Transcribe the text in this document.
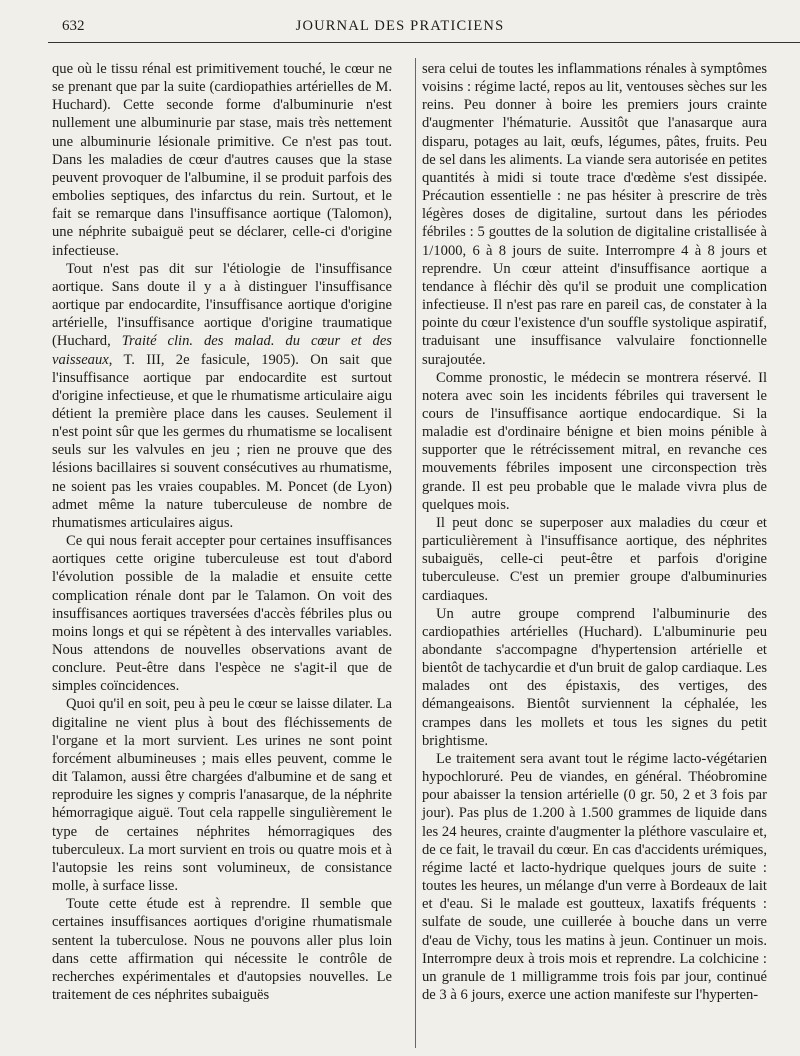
632	JOURNAL DES PRATICIENS

que où le tissu rénal est primitivement touché, le cœur ne se prenant que par la suite (cardiopathies artérielles de M. Huchard). Cette seconde forme d'albuminurie n'est nullement une albuminurie par stase, mais très nettement une albuminurie lésionale primitive. Ce n'est pas tout. Dans les maladies de cœur d'autres causes que la stase peuvent provoquer de l'albumine, il se produit parfois des embolies septiques, des infarctus du rein. Surtout, et le fait se remarque dans l'insuffisance aortique (Talomon), une néphrite subaiguë peut se déclarer, celle-ci d'origine infectieuse.

Tout n'est pas dit sur l'étiologie de l'insuffisance aortique. Sans doute il y a à distinguer l'insuffisance aortique par endocardite, l'insuffisance aortique d'origine artérielle, l'insuffisance aortique d'origine traumatique (Huchard, Traité clin. des malad. du cœur et des vaisseaux, T. III, 2e fasicule, 1905). On sait que l'insuffisance aortique par endocardite est surtout d'origine infectieuse, et que le rhumatisme articulaire aigu détient la première place dans les causes. Seulement il n'est point sûr que les germes du rhumatisme se localisent seuls sur les valvules en jeu ; rien ne prouve que des lésions bacillaires si souvent consécutives au rhumatisme, ne soient pas les vraies coupables. M. Poncet (de Lyon) admet même la nature tuberculeuse de nombre de rhumatismes articulaires aigus.

Ce qui nous ferait accepter pour certaines insuffisances aortiques cette origine tuberculeuse est tout d'abord l'évolution possible de la maladie et ensuite cette complication rénale dont par le Talamon. On voit des insuffisances aortiques traversées d'accès fébriles plus ou moins longs et qui se répètent à des intervalles variables. Nous attendons de nouvelles observations avant de conclure. Peut-être dans l'espèce ne s'agit-il que de simples coïncidences.

Quoi qu'il en soit, peu à peu le cœur se laisse dilater. La digitaline ne vient plus à bout des fléchissements de l'organe et la mort survient. Les urines ne sont point forcément albumineuses ; mais elles peuvent, comme le dit Talamon, aussi être chargées d'albumine et de sang et reproduire les signes y compris l'anasarque, de la néphrite hémorragique aiguë. Tout cela rappelle singulièrement le type de certaines néphrites hémorragiques des tuberculeux. La mort survient en trois ou quatre mois et à l'autopsie les reins sont volumineux, de consistance molle, à surface lisse.

Toute cette étude est à reprendre. Il semble que certaines insuffisances aortiques d'origine rhumatismale sentent la tuberculose. Nous ne pouvons aller plus loin dans cette affirmation qui nécessite le contrôle de recherches expérimentales et d'autopsies nouvelles. Le traitement de ces néphrites subaiguës

sera celui de toutes les inflammations rénales à symptômes voisins : régime lacté, repos au lit, ventouses sèches sur les reins. Peu donner à boire les premiers jours crainte d'augmenter l'hématurie. Aussitôt que l'anasarque aura disparu, potages au lait, œufs, légumes, pâtes, fruits. Peu de sel dans les aliments. La viande sera autorisée en petites quantités à midi si toute trace d'œdème s'est dissipée. Précaution essentielle : ne pas hésiter à prescrire de très légères doses de digitaline, surtout dans les périodes fébriles : 5 gouttes de la solution de digitaline cristallisée à 1/1000, 6 à 8 jours de suite. Interrompre 4 à 8 jours et reprendre. Un cœur atteint d'insuffisance aortique a tendance à fléchir dès qu'il se produit une complication infectieuse. Il n'est pas rare en pareil cas, de constater à la pointe du cœur l'existence d'un souffle systolique aspiratif, traduisant une insuffisance valvulaire fonctionnelle surajoutée.

Comme pronostic, le médecin se montrera réservé. Il notera avec soin les incidents fébriles qui traversent le cours de l'insuffisance aortique endocardique. Si la maladie est d'ordinaire bénigne et bien moins pénible à supporter que le rétrécissement mitral, en revanche ces mouvements fébriles imposent une circonspection très grande. Il est peu probable que le malade vivra plus de quelques mois.

Il peut donc se superposer aux maladies du cœur et particulièrement à l'insuffisance aortique, des néphrites subaiguës, celle-ci peut-être et parfois d'origine tuberculeuse. C'est un premier groupe d'albuminuries cardiaques.

Un autre groupe comprend l'albuminurie des cardiopathies artérielles (Huchard). L'albuminurie peu abondante s'accompagne d'hypertension artérielle et bientôt de tachycardie et d'un bruit de galop cardiaque. Les malades ont des épistaxis, des vertiges, des démangeaisons. Bientôt surviennent la céphalée, les crampes dans les mollets et tous les signes du petit brightisme.

Le traitement sera avant tout le régime lacto-végétarien hypochloruré. Peu de viandes, en général. Théobromine pour abaisser la tension artérielle (0 gr. 50, 2 et 3 fois par jour). Pas plus de 1.200 à 1.500 grammes de liquide dans les 24 heures, crainte d'augmenter la pléthore vasculaire et, de ce fait, le travail du cœur. En cas d'accidents urémiques, régime lacté et lacto-hydrique quelques jours de suite : toutes les heures, un mélange d'un verre à Bordeaux de lait et d'eau. Si le malade est goutteux, laxatifs fréquents : sulfate de soude, une cuillerée à bouche dans un verre d'eau de Vichy, tous les matins à jeun. Continuer un mois. Interrompre deux à trois mois et reprendre. La colchicine : un granule de 1 milligramme trois fois par jour, continué de 3 à 6 jours, exerce une action manifeste sur l'hyperten-
